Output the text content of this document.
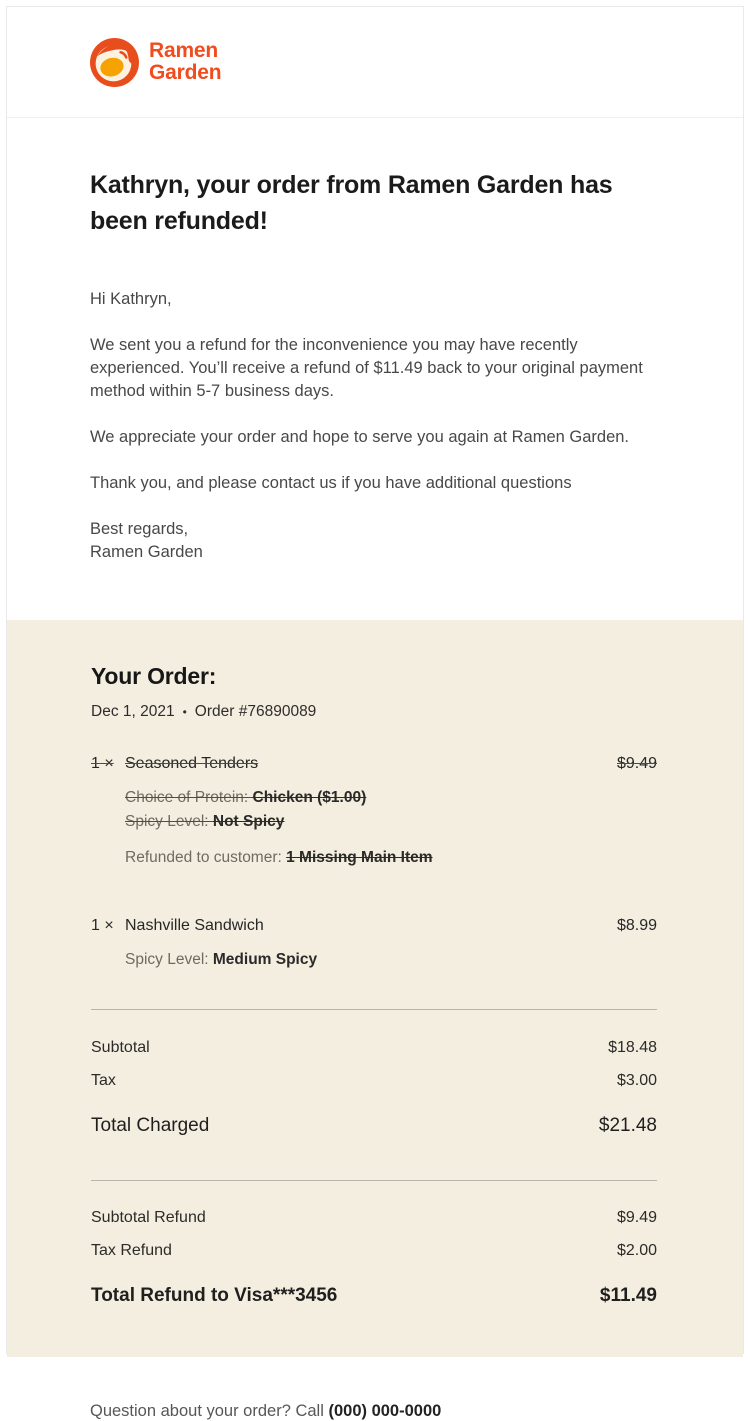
Ramen
Garden
Kathryn, your order from Ramen Garden has been refunded!

Hi Kathryn,

We sent you a refund for the inconvenience you may have recently experienced. You’ll receive a refund of $11.49 back to your original payment method within 5-7 business days.

We appreciate your order and hope to serve you again at Ramen Garden.

Thank you, and please contact us if you have additional questions

Best regards,
Ramen Garden
Your Order:
Dec 1, 2021 • Order #76890089
1 × Seasoned Tenders	$9.49
Choice of Protein: Chicken ($1.00)
Spicy Level: Not Spicy
Refunded to customer: 1 Missing Main Item
1 × Nashville Sandwich	$8.99
Spicy Level: Medium Spicy
Subtotal	$18.48
Tax	$3.00
Total Charged	$21.48
Subtotal Refund	$9.49
Tax Refund	$2.00
Total Refund to Visa***3456	$11.49
Question about your order? Call (000) 000-0000
